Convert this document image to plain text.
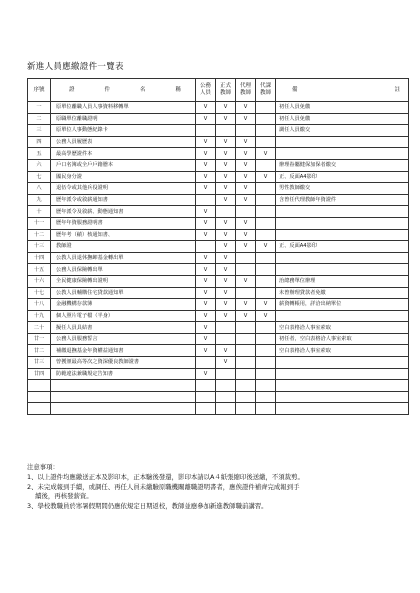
新進人員應繳證件一覽表
序號	證 件 名 稱	公務人員	正式教師	代理教師	代課教師	備 註

一	原單位離職人員人事資料移轉單	V	V	V		初任人員免繳
二	原職單位離職證明	V	V	V		初任人員免繳
三	原單位人事動態紀錄卡					調任人員繳交
四	公務人員履歷表	V	V	V		
五	最高學歷證件本	V	V	V	V	
六	戶口名簿或全戶戶籍謄本	V	V	V		辦理眷屬健保加保者繳交
七	國民身分證	V	V	V	V	正、反面A4影印
八	退伍令或其他兵役證明	V	V	V		男性教師繳交
九	歷年派令或敘薪通知書		V	V		含曾任代理教師年資證件
十	歷年派令及敘薪、動態通知書	V				
十一	歷年年資服務證明書	V	V	V		
十二	歷年考（績）核通知書、	V	V	V		
十三	教師證		V	V	V	正、反面A4影印
十四	公教人員退休撫卹基金轉出單	V	V			
十五	公務人員保險轉出單	V	V			
十六	全民健康保險轉出證明	V	V	V		治總務單位辦理
十七	公教人員輔購住宅貸款通知單	V	V			未曾辦理貸款者免繳
十八	金融機構存款簿	V	V	V	V	薪資轉帳用，詳洽出納單位
十九	個人照片電子檔（半身）	V	V	V	V	
二十	擬任人員具結書	V				空白表格洽人事室索取
廿一	公務人員服務誓言	V				初任者，空白表格洽人事室索取
廿二	補繳退撫基金年資權益通知書	V	V			空白表格洽人事室索取
廿三	曾獲頒最高等次之資深優良教師證書		V			
廿四	防範違法兼職規定告知書	V				

注意事項：
1、以上證件均應繳送正本及影印本，正本驗後發還，影印本請以A４紙張縮印後送繳，不須裁剪。
2、未完成報到手續，或調任、再任人員未繳驗原職機關離職證明書者，應俟證件補齊完成報到手
續後，再核發薪資。
3、學校教職員於寒暑假期間仍應依規定日期返校，教師並應參加新進教師職前講習。
